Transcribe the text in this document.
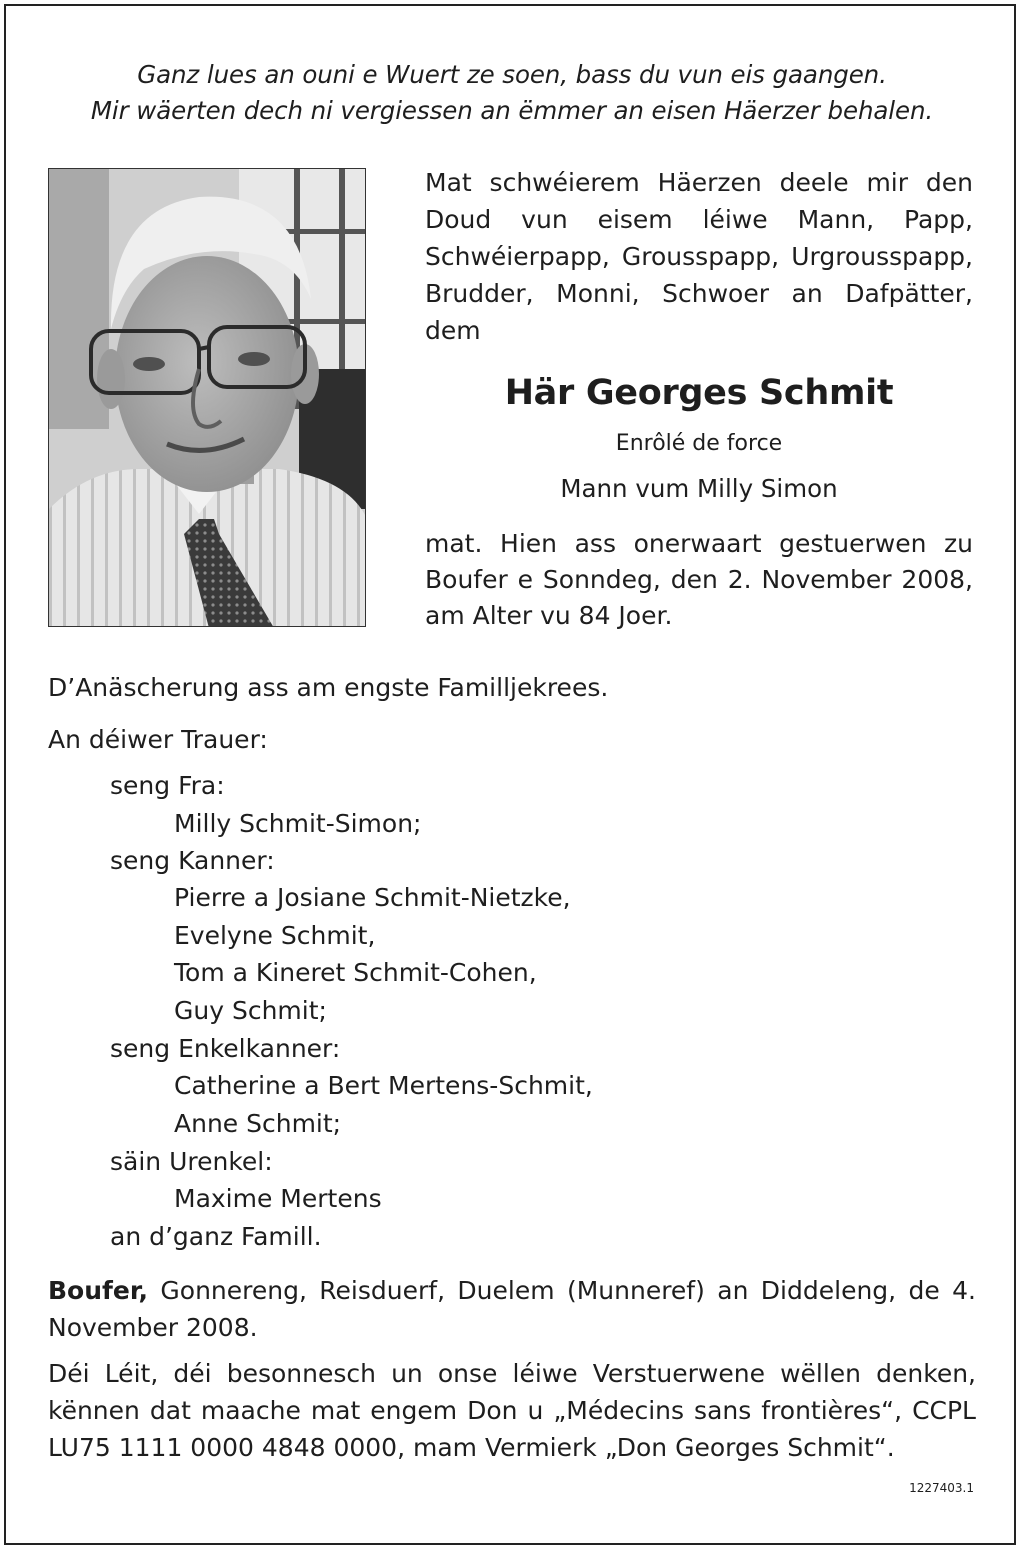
Ganz lues an ouni e Wuert ze soen, bass du vun eis gaangen.
Mir wäerten dech ni vergiessen an ëmmer an eisen Häerzer behalen.
Mat schwéierem Häerzen deele mir den Doud vun eisem léiwe Mann, Papp, Schwéierpapp, Grousspapp, Urgrousspapp, Brudder, Monni, Schwoer an Dafpätter, dem
Här Georges Schmit
Enrôlé de force
Mann vum Milly Simon
mat. Hien ass onerwaart gestuerwen zu Boufer e Sonndeg, den 2. November 2008, am Alter vu 84 Joer.
D’Anäscherung ass am engste Familljekrees.
An déiwer Trauer:
seng Fra:
Milly Schmit-Simon;
seng Kanner:
Pierre a Josiane Schmit-Nietzke,
Evelyne Schmit,
Tom a Kineret Schmit-Cohen,
Guy Schmit;
seng Enkelkanner:
Catherine a Bert Mertens-Schmit,
Anne Schmit;
säin Urenkel:
Maxime Mertens
an d’ganz Famill.
Boufer, Gonnereng, Reisduerf, Duelem (Munneref) an Diddeleng, de 4. November 2008.
Déi Léit, déi besonnesch un onse léiwe Verstuerwene wëllen denken, kënnen dat maache mat engem Don u „Médecins sans frontières“, CCPL LU75 1111 0000 4848 0000, mam Vermierk „Don Georges Schmit“.
1227403.1
